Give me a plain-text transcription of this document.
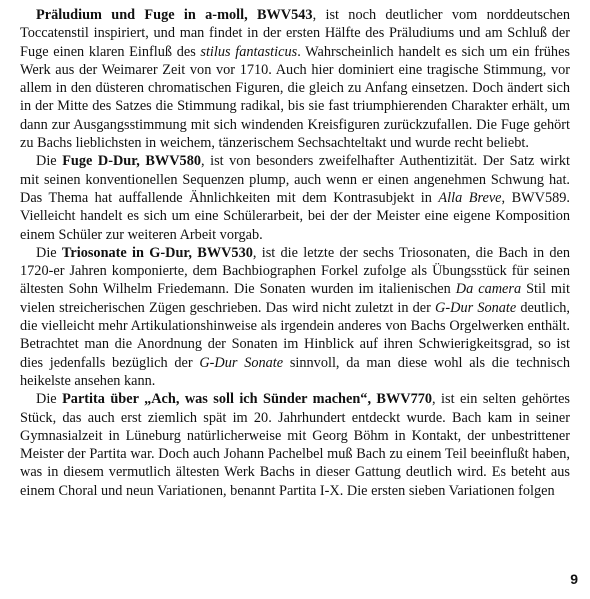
Präludium und Fuge in a-moll, BWV543, ist noch deutlicher vom norddeutschen Toccatenstil inspiriert, und man findet in der ersten Hälfte des Präludiums und am Schluß der Fuge einen klaren Einfluß des stilus fantasticus. Wahrscheinlich handelt es sich um ein frühes Werk aus der Weimarer Zeit von vor 1710. Auch hier dominiert eine tragische Stimmung, vor allem in den düsteren chromatischen Figuren, die gleich zu Anfang einsetzen. Doch ändert sich in der Mitte des Satzes die Stimmung radikal, bis sie fast triumphierenden Charakter erhält, um dann zur Ausgangsstimmung mit sich windenden Kreisfiguren zurückzufallen. Die Fuge gehört zu Bachs lieblichsten in weichem, tänzerischem Sechsachteltakt und wurde recht beliebt.

Die Fuge D-Dur, BWV580, ist von besonders zweifelhafter Authentizität. Der Satz wirkt mit seinen konventionellen Sequenzen plump, auch wenn er einen angenehmen Schwung hat. Das Thema hat auffallende Ähnlichkeiten mit dem Kontrasubjekt in Alla Breve, BWV589. Vielleicht handelt es sich um eine Schülerarbeit, bei der der Meister eine eigene Komposition einem Schüler zur weiteren Arbeit vorgab.

Die Triosonate in G-Dur, BWV530, ist die letzte der sechs Triosonaten, die Bach in den 1720-er Jahren komponierte, dem Bachbiographen Forkel zufolge als Übungsstück für seinen ältesten Sohn Wilhelm Friedemann. Die Sonaten wurden im italienischen Da camera Stil mit vielen streicherischen Zügen geschrieben. Das wird nicht zuletzt in der G-Dur Sonate deutlich, die vielleicht mehr Artikulationshinweise als irgendein anderes von Bachs Orgelwerken enthält. Betrachtet man die Anordnung der Sonaten im Hinblick auf ihren Schwierigkeitsgrad, so ist dies jedenfalls bezüglich der G-Dur Sonate sinnvoll, da man diese wohl als die technisch heikelste ansehen kann.

Die Partita über „Ach, was soll ich Sünder machen“, BWV770, ist ein selten gehörtes Stück, das auch erst ziemlich spät im 20. Jahrhundert entdeckt wurde. Bach kam in seiner Gymnasialzeit in Lüneburg natürlicherweise mit Georg Böhm in Kontakt, der unbestrittener Meister der Partita war. Doch auch Johann Pachelbel muß Bach zu einem Teil beeinflußt haben, was in diesem vermutlich ältesten Werk Bachs in dieser Gattung deutlich wird. Es beteht aus einem Choral und neun Variationen, benannt Partita I-X. Die ersten sieben Variationen folgen

9
